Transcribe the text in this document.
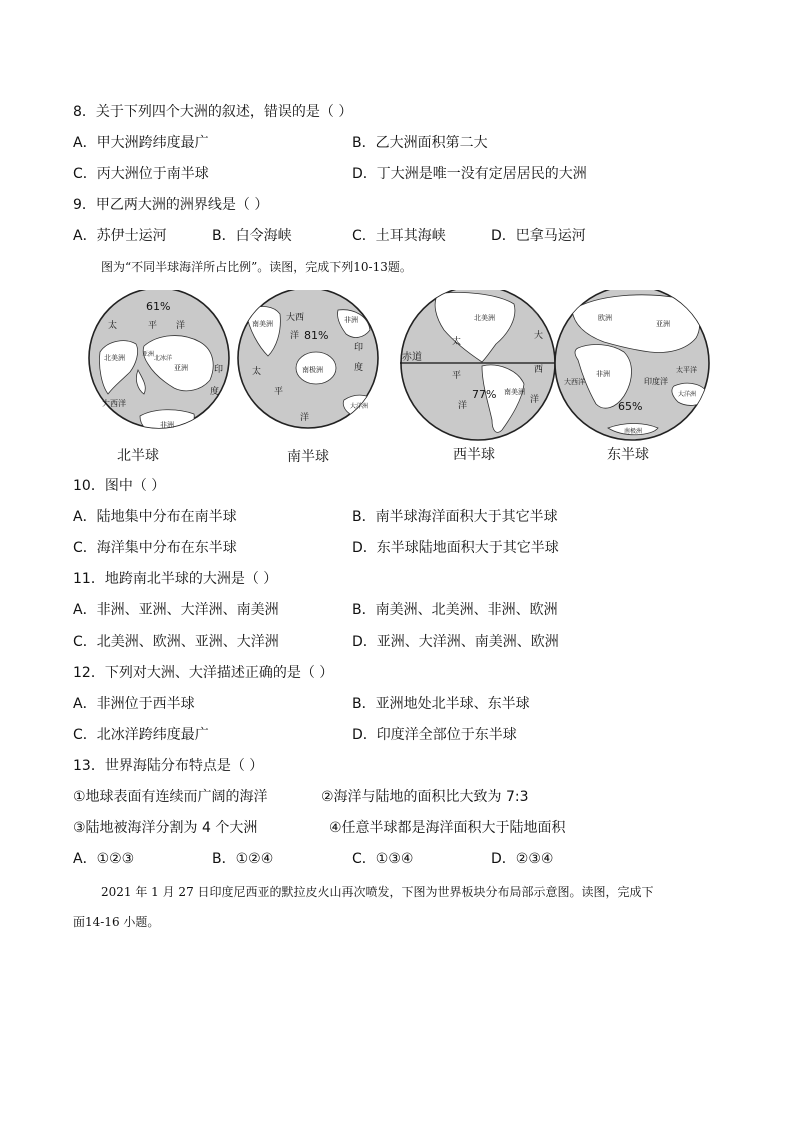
8．关于下列四个大洲的叙述，错误的是（ ）
A．甲大洲跨纬度最广	B．乙大洲面积第二大
C．丙大洲位于南半球	D．丁大洲是唯一没有定居居民的大洲
9．甲乙两大洲的洲界线是（ ）
A．苏伊士运河	B．白令海峡	C．土耳其海峡	D．巴拿马运河
图为“不同半球海洋所占比例”。读图，完成下列10-13题。
61%
太	平 洋
北美洲
亚洲
非洲
亚洲
北冰洋
大西洋
印
度
81%
大西
洋
南美洲	非洲
南极洲
大洋洲
印
度
太
平
洋
赤道
77%
北美洲
南美洲
太
平
洋
大
西
洋	65%
欧洲
亚洲
非洲
大洋洲
南极洲
印度洋
大西洋
太平洋
北半球	南半球	西半球	东半球
10．图中（ ）
A．陆地集中分布在南半球	B．南半球海洋面积大于其它半球
C．海洋集中分布在东半球	D．东半球陆地面积大于其它半球
11．地跨南北半球的大洲是（ ）
A．非洲、亚洲、大洋洲、南美洲	B．南美洲、北美洲、非洲、欧洲
C．北美洲、欧洲、亚洲、大洋洲	D．亚洲、大洋洲、南美洲、欧洲
12．下列对大洲、大洋描述正确的是（ ）
A．非洲位于西半球	B．亚洲地处北半球、东半球
C．北冰洋跨纬度最广	D．印度洋全部位于东半球
13．世界海陆分布特点是（ ）
①地球表面有连续而广阔的海洋	②海洋与陆地的面积比大致为 7:3
③陆地被海洋分割为 4 个大洲	④任意半球都是海洋面积大于陆地面积
A．①②③	B．①②④	C．①③④	D．②③④
2021 年 1 月 27 日印度尼西亚的默拉皮火山再次喷发，下图为世界板块分布局部示意图。读图，完成下
面14-16 小题。
